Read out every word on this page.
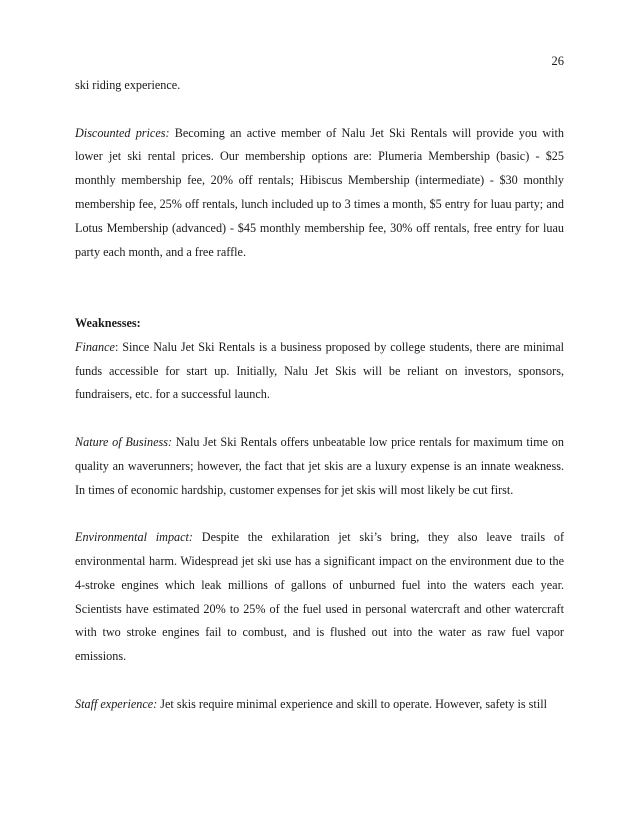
26

ski riding experience.

Discounted prices: Becoming an active member of Nalu Jet Ski Rentals will provide you with lower jet ski rental prices. Our membership options are: Plumeria Membership (basic) - $25 monthly membership fee, 20% off rentals; Hibiscus Membership (intermediate) - $30 monthly membership fee, 25% off rentals, lunch included up to 3 times a month, $5 entry for luau party; and Lotus Membership (advanced) - $45 monthly membership fee, 30% off rentals, free entry for luau party each month, and a free raffle.

Weaknesses:

Finance: Since Nalu Jet Ski Rentals is a business proposed by college students, there are minimal funds accessible for start up. Initially, Nalu Jet Skis will be reliant on investors, sponsors, fundraisers, etc. for a successful launch.

Nature of Business: Nalu Jet Ski Rentals offers unbeatable low price rentals for maximum time on quality an waverunners; however, the fact that jet skis are a luxury expense is an innate weakness. In times of economic hardship, customer expenses for jet skis will most likely be cut first.

Environmental impact: Despite the exhilaration jet ski’s bring, they also leave trails of environmental harm. Widespread jet ski use has a significant impact on the environment due to the 4-stroke engines which leak millions of gallons of unburned fuel into the waters each year. Scientists have estimated 20% to 25% of the fuel used in personal watercraft and other watercraft with two stroke engines fail to combust, and is flushed out into the water as raw fuel vapor emissions.

Staff experience: Jet skis require minimal experience and skill to operate. However, safety is still
